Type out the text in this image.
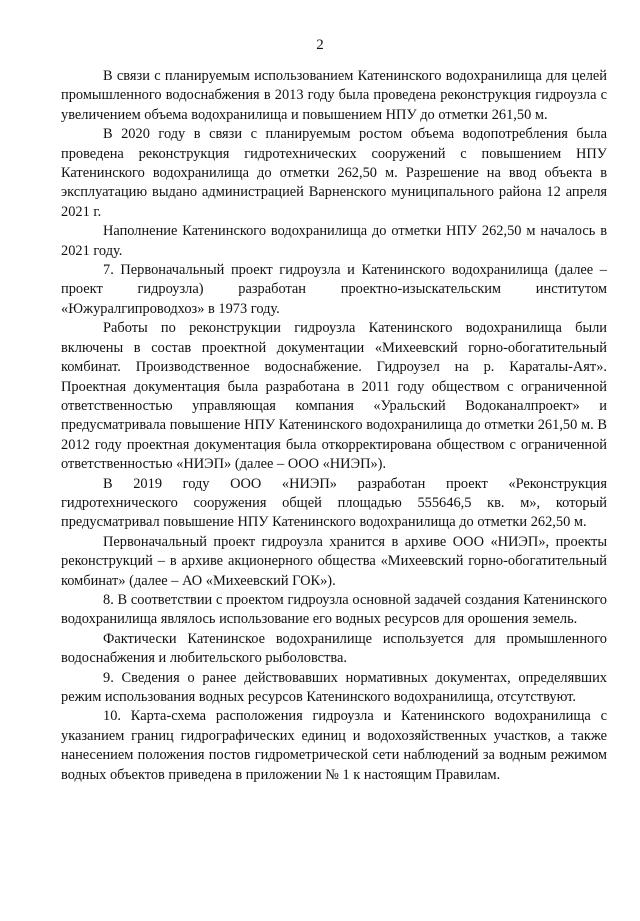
2

В связи с планируемым использованием Катенинского водохранилища для целей промышленного водоснабжения в 2013 году была проведена реконструкция гидроузла с увеличением объема водохранилища и повышением НПУ до отметки 261,50 м.

В 2020 году в связи с планируемым ростом объема водопотребления была проведена реконструкция гидротехнических сооружений с повышением НПУ Катенинского водохранилища до отметки 262,50 м. Разрешение на ввод объекта в эксплуатацию выдано администрацией Варненского муниципального района 12 апреля 2021 г.

Наполнение Катенинского водохранилища до отметки НПУ 262,50 м началось в 2021 году.

7. Первоначальный проект гидроузла и Катенинского водохранилища (далее – проект гидроузла) разработан проектно-изыскательским институтом «Южуралгипроводхоз» в 1973 году.

Работы по реконструкции гидроузла Катенинского водохранилища были включены в состав проектной документации «Михеевский горно-обогатительный комбинат. Производственное водоснабжение. Гидроузел на р. Караталы-Аят». Проектная документация была разработана в 2011 году обществом с ограниченной ответственностью управляющая компания «Уральский Водоканалпроект» и предусматривала повышение НПУ Катенинского водохранилища до отметки 261,50 м. В 2012 году проектная документация была откорректирована обществом с ограниченной ответственностью «НИЭП» (далее – ООО «НИЭП»).

В 2019 году ООО «НИЭП» разработан проект «Реконструкция гидротехнического сооружения общей площадью 555646,5 кв. м», который предусматривал повышение НПУ Катенинского водохранилища до отметки 262,50 м.

Первоначальный проект гидроузла хранится в архиве ООО «НИЭП», проекты реконструкций – в архиве акционерного общества «Михеевский горно-обогатительный комбинат» (далее – АО «Михеевский ГОК»).

8. В соответствии с проектом гидроузла основной задачей создания Катенинского водохранилища являлось использование его водных ресурсов для орошения земель.

Фактически Катенинское водохранилище используется для промышленного водоснабжения и любительского рыболовства.

9. Сведения о ранее действовавших нормативных документах, определявших режим использования водных ресурсов Катенинского водохранилища, отсутствуют.

10. Карта-схема расположения гидроузла и Катенинского водохранилища с указанием границ гидрографических единиц и водохозяйственных участков, а также нанесением положения постов гидрометрической сети наблюдений за водным режимом водных объектов приведена в приложении № 1 к настоящим Правилам.
